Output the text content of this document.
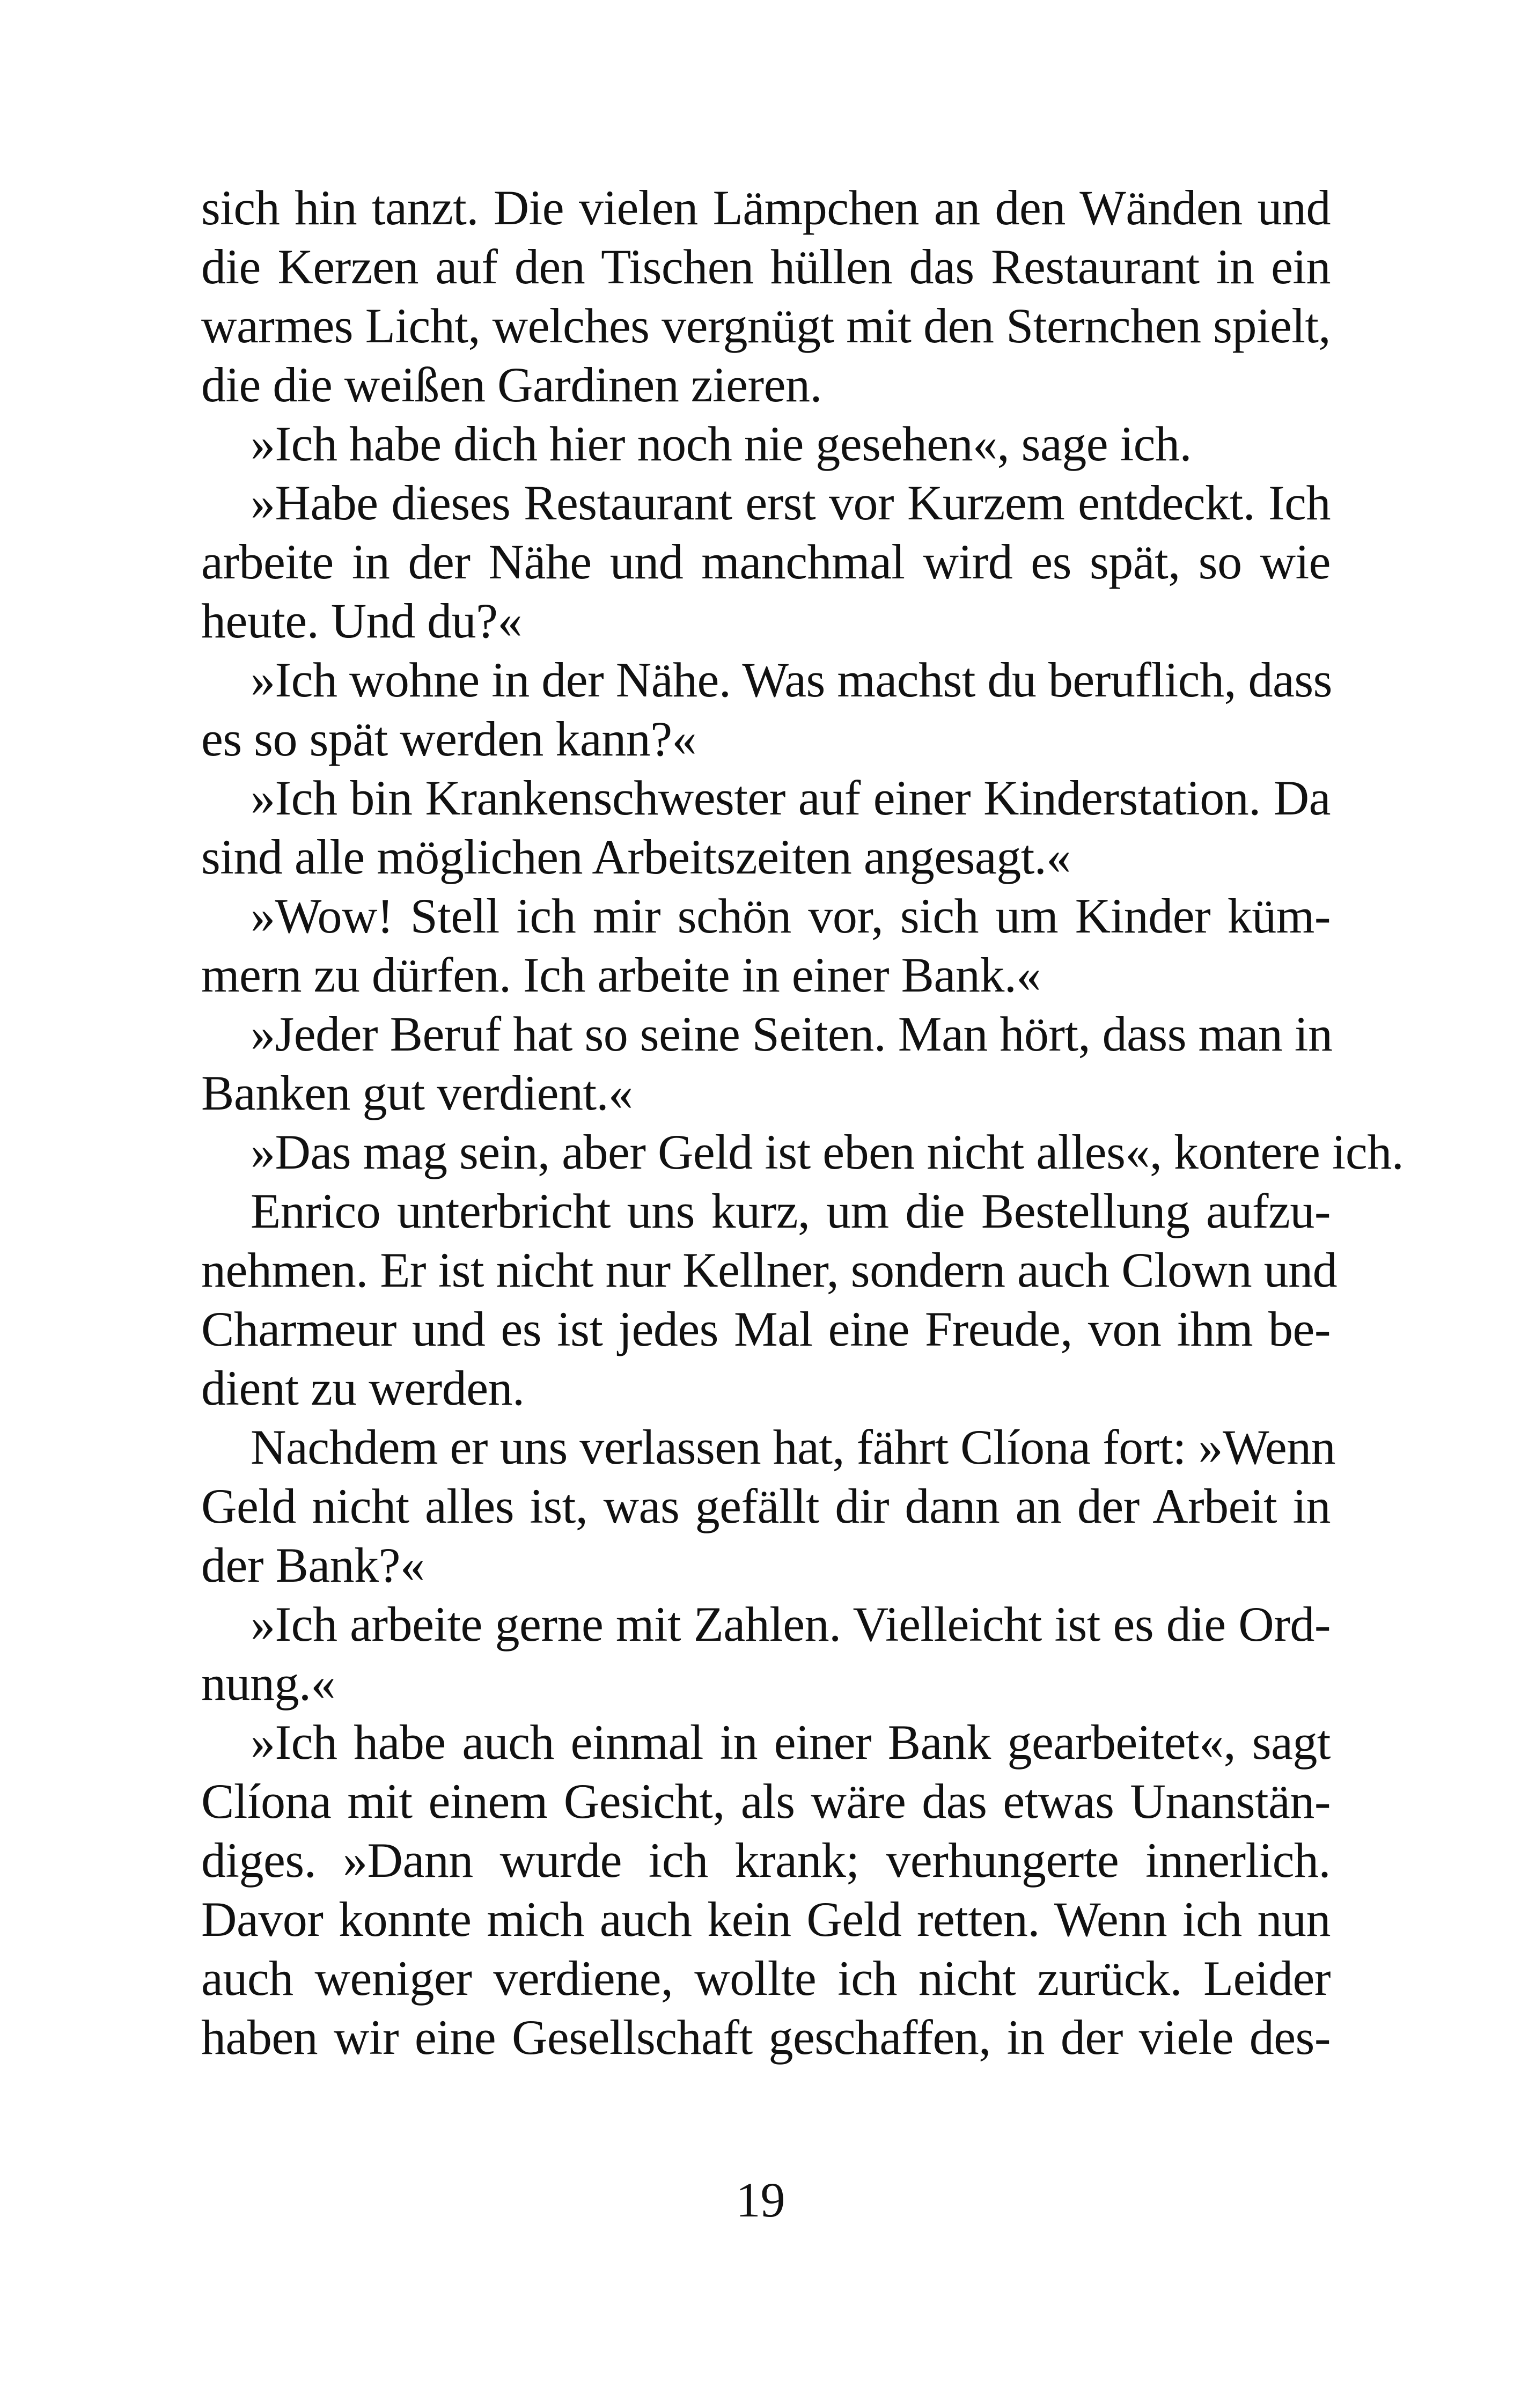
sich hin tanzt. Die vielen Lämpchen an den Wänden und
die Kerzen auf den Tischen hüllen das Restaurant in ein
warmes Licht, welches vergnügt mit den Sternchen spielt,
die die weißen Gardinen zieren.
»Ich habe dich hier noch nie gesehen«, sage ich.
»Habe dieses Restaurant erst vor Kurzem entdeckt. Ich
arbeite in der Nähe und manchmal wird es spät, so wie
heute. Und du?«
»Ich wohne in der Nähe. Was machst du beruflich, dass
es so spät werden kann?«
»Ich bin Krankenschwester auf einer Kinderstation. Da
sind alle möglichen Arbeitszeiten angesagt.«
»Wow! Stell ich mir schön vor, sich um Kinder küm-
mern zu dürfen. Ich arbeite in einer Bank.«
»Jeder Beruf hat so seine Seiten. Man hört, dass man in
Banken gut verdient.«
»Das mag sein, aber Geld ist eben nicht alles«, kontere ich.
Enrico unterbricht uns kurz, um die Bestellung aufzu-
nehmen. Er ist nicht nur Kellner, sondern auch Clown und
Charmeur und es ist jedes Mal eine Freude, von ihm be-
dient zu werden.
Nachdem er uns verlassen hat, fährt Clíona fort: »Wenn
Geld nicht alles ist, was gefällt dir dann an der Arbeit in
der Bank?«
»Ich arbeite gerne mit Zahlen. Vielleicht ist es die Ord-
nung.«
»Ich habe auch einmal in einer Bank gearbeitet«, sagt
Clíona mit einem Gesicht, als wäre das etwas Unanstän-
diges. »Dann wurde ich krank; verhungerte innerlich.
Davor konnte mich auch kein Geld retten. Wenn ich nun
auch weniger verdiene, wollte ich nicht zurück. Leider
haben wir eine Gesellschaft geschaffen, in der viele des-
19
